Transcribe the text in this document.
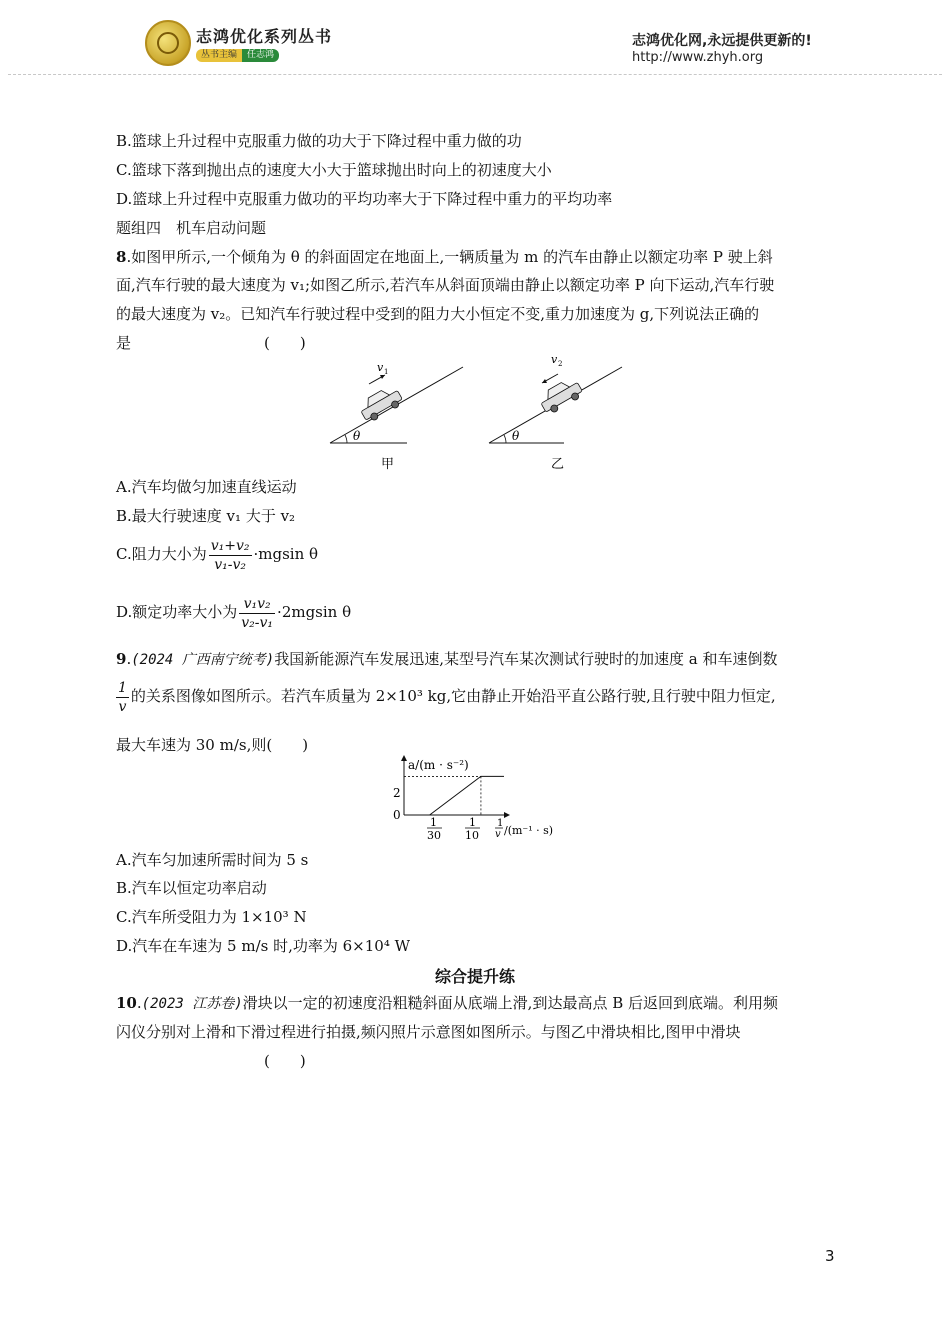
志鸿优化系列丛书
丛书主编 任志鸿
志鸿优化网,永远提供更新的!
http://www.zhyh.org
B.篮球上升过程中克服重力做的功大于下降过程中重力做的功
C.篮球下落到抛出点的速度大小大于篮球抛出时向上的初速度大小
D.篮球上升过程中克服重力做功的平均功率大于下降过程中重力的平均功率
题组四　机车启动问题
8.如图甲所示,一个倾角为 θ 的斜面固定在地面上,一辆质量为 m 的汽车由静止以额定功率 P 驶上斜
面,汽车行驶的最大速度为 v₁;如图乙所示,若汽车从斜面顶端由静止以额定功率 P 向下运动,汽车行驶
的最大速度为 v₂。已知汽车行驶过程中受到的阻力大小恒定不变,重力加速度为 g,下列说法正确的
是	(　　)
θ
v 1
甲
θ
v 2
乙
A.汽车均做匀加速直线运动
B.最大行驶速度 v₁ 大于 v₂
C.阻力大小为 $\frac{\text{v₁+v₂}}{\text{v₁-v₂}} \cdot mgsin$ θ
D.额定功率大小为 $\frac{\text{v₁v₂}}{\text{v₂-v₁}} \cdot 2mgsin$ θ
9.(2024 广西南宁统考)我国新能源汽车发展迅速,某型号汽车某次测试行驶时的加速度 a 和车速倒数
$\frac{1}{v}$ 的关系图像如图所示。若汽车质量为 2×10³ kg,它由静止开始沿平直公路行驶,且行驶中阻力恒定,
最大车速为 30 m/s,则(　　)
a/(m · s⁻²)
2
0
1
30
1
10
1
v /(m⁻¹ · s)
A.汽车匀加速所需时间为 5 s
B.汽车以恒定功率启动
C.汽车所受阻力为 1×10³ N
D.汽车在车速为 5 m/s 时,功率为 6×10⁴ W
综合提升练
10.(2023 江苏卷)滑块以一定的初速度沿粗糙斜面从底端上滑,到达最高点 B 后返回到底端。利用频
闪仪分别对上滑和下滑过程进行拍摄,频闪照片示意图如图所示。与图乙中滑块相比,图甲中滑块
(　　)
3
